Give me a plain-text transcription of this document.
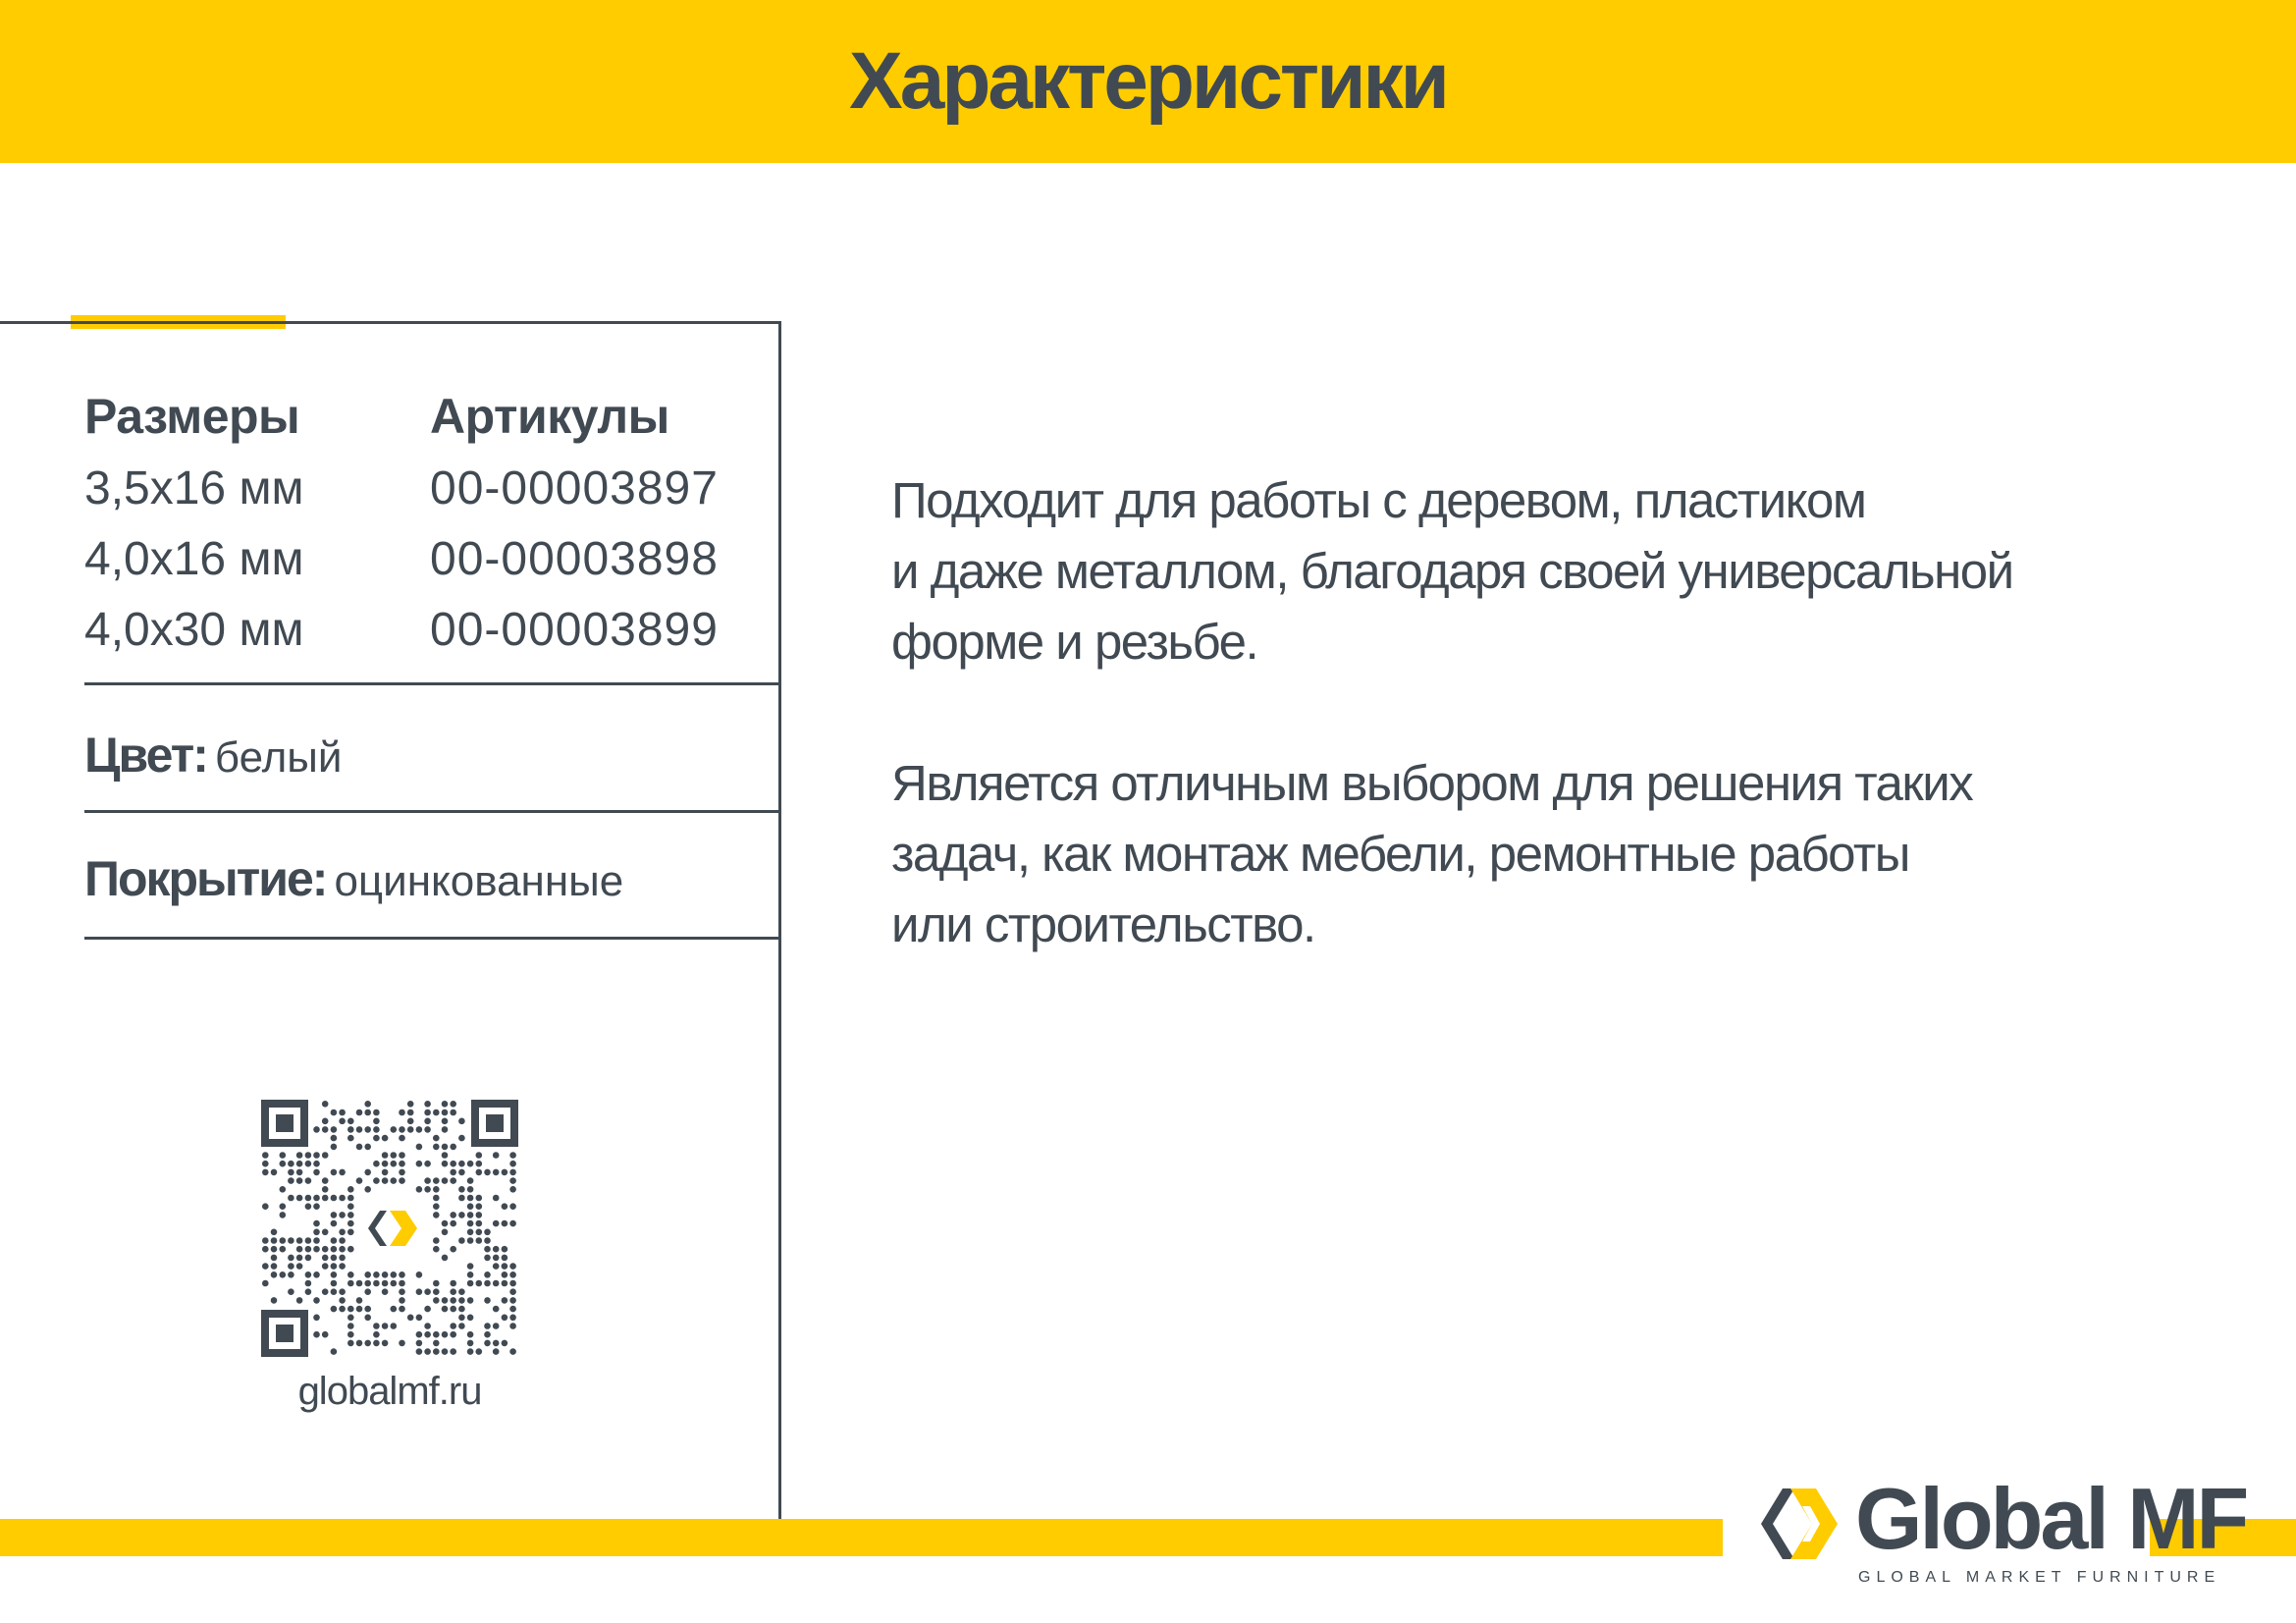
Характеристики
Размеры	Артикулы
3,5x16 мм	00-00003897
4,0x16 мм	00-00003898
4,0x30 мм	00-00003899
Цвет: белый
Покрытие: оцинкованные
globalmf.ru

Подходит для работы с деревом, пластиком
и даже металлом, благодаря своей универсальной
форме и резьбе.

Является отличным выбором для решения таких
задач, как монтаж мебели, ремонтные работы
или строительство.

Global MF
GLOBAL MARKET FURNITURE
